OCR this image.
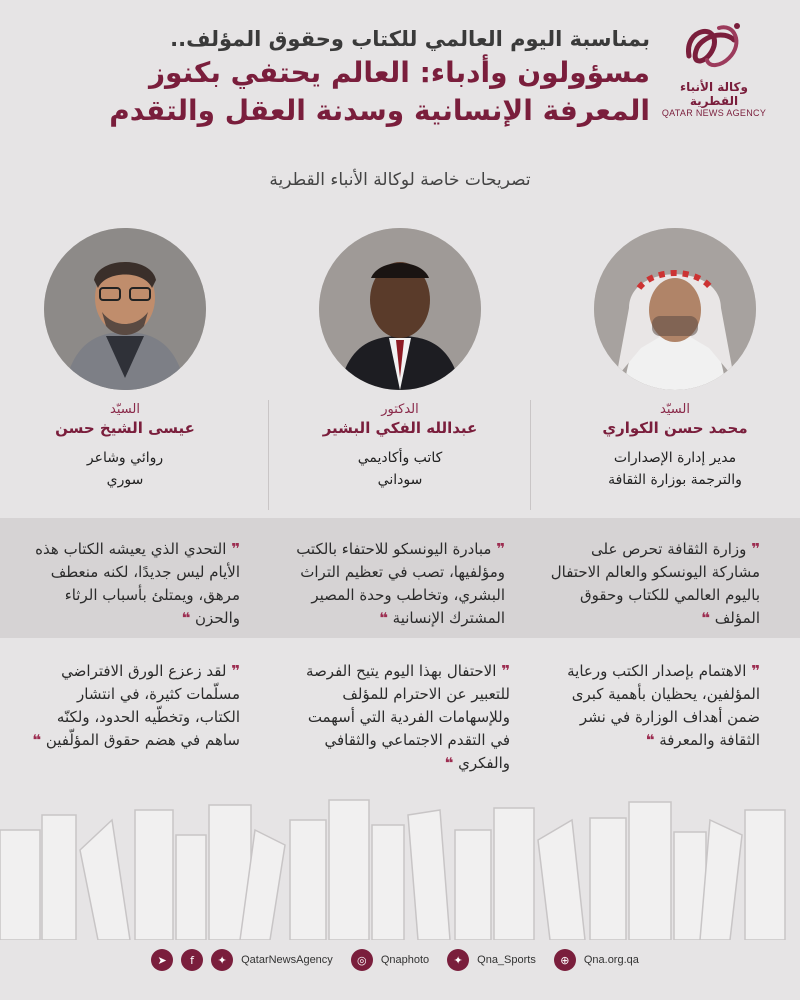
وكالة الأنباء القطرية
QATAR NEWS AGENCY
بمناسبة اليوم العالمي للكتاب وحقوق المؤلف..
مسؤولون وأدباء: العالم يحتفي بكنوز
المعرفة الإنسانية وسدنة العقل والتقدم
تصريحات خاصة لوكالة الأنباء القطرية
السيّد
محمد حسن الكواري
مدير إدارة الإصدارات
والترجمة بوزارة الثقافة
الدكتور
عبدالله الفكي البشير
كاتب وأكاديمي
سوداني
السيّد
عيسى الشيخ حسن
روائي وشاعر
سوري
❞ وزارة الثقافة تحرص على مشاركة اليونسكو والعالم الاحتفال باليوم العالمي للكتاب وحقوق المؤلف ❝
❞ مبادرة اليونسكو للاحتفاء بالكتب ومؤلفيها، تصب في تعظيم التراث البشري، وتخاطب وحدة المصير المشترك الإنسانية ❝
❞ التحدي الذي يعيشه الكتاب هذه الأيام ليس جديدًا، لكنه منعطف مرهق، ويمتلئ بأسباب الرثاء والحزن ❝
❞ الاهتمام بإصدار الكتب ورعاية المؤلفين، يحظيان بأهمية كبرى ضمن أهداف الوزارة في نشر الثقافة والمعرفة ❝
❞ الاحتفال بهذا اليوم يتيح الفرصة للتعبير عن الاحترام للمؤلف وللإسهامات الفردية التي أسهمت في التقدم الاجتماعي والثقافي والفكري ❝
❞ لقد زعزع الورق الافتراضي مسلّمات كثيرة، في انتشار الكتاب، وتخطّيه الحدود، ولكنّه ساهم في هضم حقوق المؤلّفين ❝
➤	f	✦	QatarNewsAgency	◎	Qnaphoto	✦	Qna_Sports	⊕	Qna.org.qa
